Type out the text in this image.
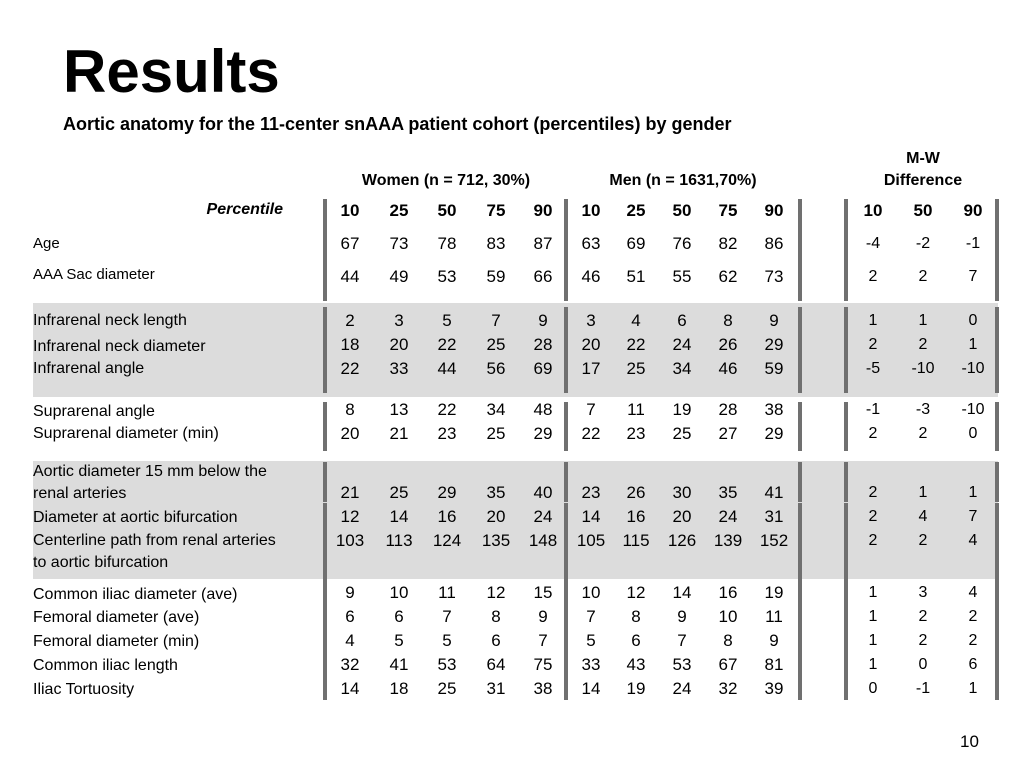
Results
Aortic anatomy for the 11-center snAAA patient cohort (percentiles) by gender
Women (n = 712, 30%)	Men (n = 1631,70%)
M-W
Difference
Percentile	10	25	50	75	90	10	25	50	75	90	10	50	90
Age	67	73	78	83	87	63	69	76	82	86	-4	-2	-1
AAA Sac diameter	44	49	53	59	66	46	51	55	62	73	2	2	7
Infrarenal neck length	2	3	5	7	9	3	4	6	8	9	1	1	0
Infrarenal neck diameter	18	20	22	25	28	20	22	24	26	29	2	2	1
Infrarenal angle	22	33	44	56	69	17	25	34	46	59	-5	-10	-10
Suprarenal angle	8	13	22	34	48	7	11	19	28	38	-1	-3	-10
Suprarenal diameter (min)	20	21	23	25	29	22	23	25	27	29	2	2	0
Aortic diameter 15 mm below the
renal arteries	21	25	29	35	40	23	26	30	35	41	2	1	1
Diameter at aortic bifurcation	12	14	16	20	24	14	16	20	24	31	2	4	7
Centerline path from renal arteries
to aortic bifurcation
103	113	124	135	148	105	115	126	139	152	2	2	4
Common iliac diameter (ave)	9	10	11	12	15	10	12	14	16	19	1	3	4
Femoral diameter (ave)	6	6	7	8	9	7	8	9	10	11	1	2	2
Femoral diameter (min)	4	5	5	6	7	5	6	7	8	9	1	2	2
Common iliac length	32	41	53	64	75	33	43	53	67	81	1	0	6
Iliac Tortuosity	14	18	25	31	38	14	19	24	32	39	0	-1	1
10
